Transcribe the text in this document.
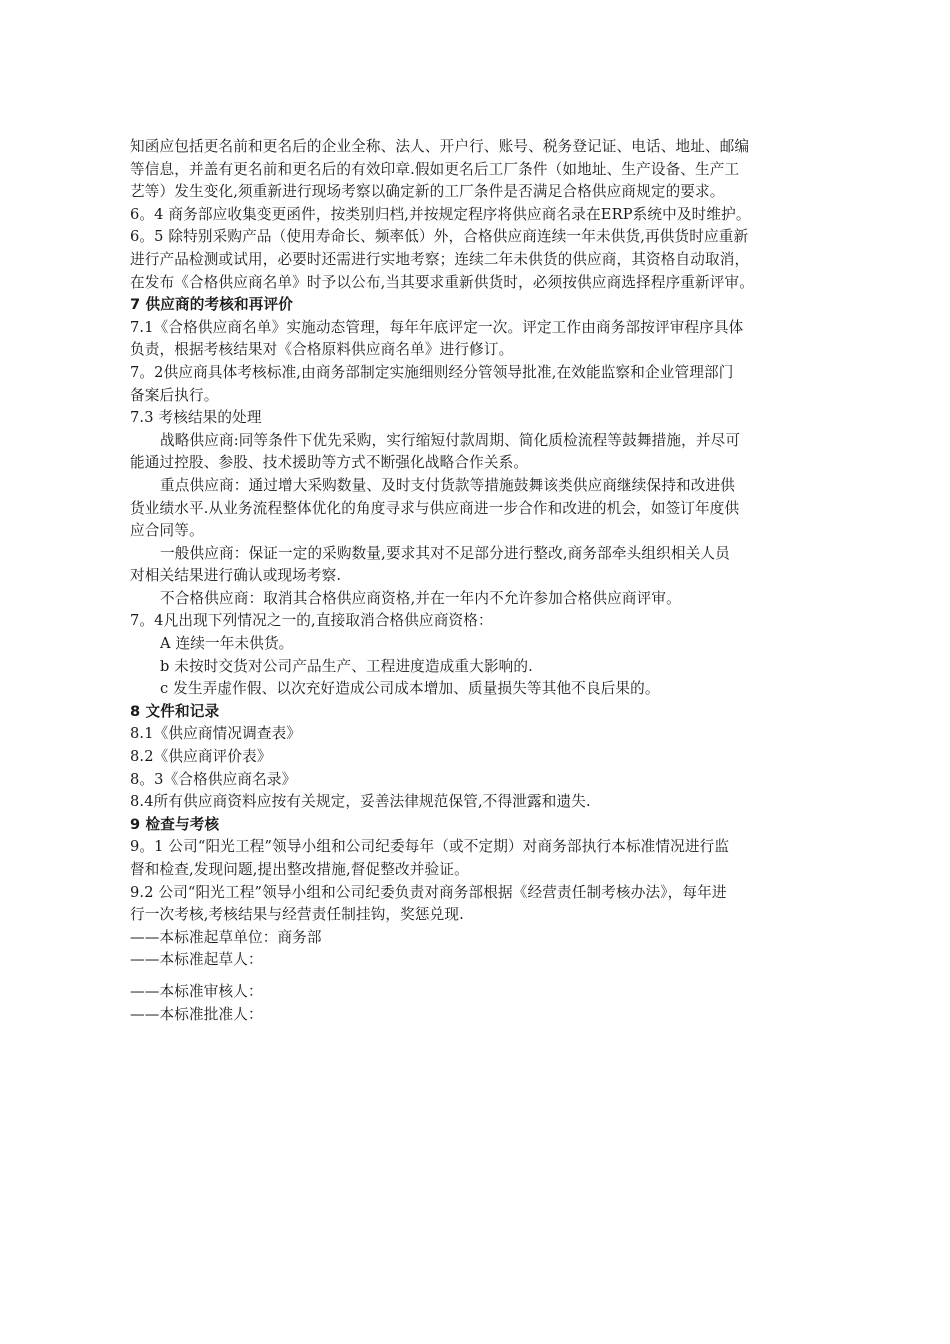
知函应包括更名前和更名后的企业全称、法人、开户行、账号、税务登记证、电话、地址、邮编
等信息，并盖有更名前和更名后的有效印章.假如更名后工厂条件（如地址、生产设备、生产工
艺等）发生变化,须重新进行现场考察以确定新的工厂条件是否满足合格供应商规定的要求。
6。4 商务部应收集变更函件，按类别归档,并按规定程序将供应商名录在ERP系统中及时维护。
6。5 除特别采购产品（使用寿命长、频率低）外，合格供应商连续一年未供货,再供货时应重新
进行产品检测或试用，必要时还需进行实地考察；连续二年未供货的供应商，其资格自动取消，
在发布《合格供应商名单》时予以公布,当其要求重新供货时，必须按供应商选择程序重新评审。
7 供应商的考核和再评价
7.1《合格供应商名单》实施动态管理，每年年底评定一次。评定工作由商务部按评审程序具体
负责，根据考核结果对《合格原料供应商名单》进行修订。
7。2供应商具体考核标准,由商务部制定实施细则经分管领导批准,在效能监察和企业管理部门
备案后执行。
7.3 考核结果的处理
战略供应商:同等条件下优先采购，实行缩短付款周期、简化质检流程等鼓舞措施，并尽可
能通过控股、参股、技术援助等方式不断强化战略合作关系。
重点供应商：通过增大采购数量、及时支付货款等措施鼓舞该类供应商继续保持和改进供
货业绩水平.从业务流程整体优化的角度寻求与供应商进一步合作和改进的机会，如签订年度供
应合同等。
一般供应商：保证一定的采购数量,要求其对不足部分进行整改,商务部牵头组织相关人员
对相关结果进行确认或现场考察.
不合格供应商：取消其合格供应商资格,并在一年内不允许参加合格供应商评审。
7。4凡出现下列情况之一的,直接取消合格供应商资格：
A 连续一年未供货。
b 未按时交货对公司产品生产、工程进度造成重大影响的.
c 发生弄虚作假、以次充好造成公司成本增加、质量损失等其他不良后果的。
8 文件和记录
8.1《供应商情况调查表》
8.2《供应商评价表》
8。3《合格供应商名录》
8.4所有供应商资料应按有关规定，妥善法律规范保管,不得泄露和遗失.
9 检查与考核
9。1 公司“阳光工程”领导小组和公司纪委每年（或不定期）对商务部执行本标准情况进行监
督和检查,发现问题,提出整改措施,督促整改并验证。
9.2 公司“阳光工程”领导小组和公司纪委负责对商务部根据《经营责任制考核办法》，每年进
行一次考核,考核结果与经营责任制挂钩，奖惩兑现.
——本标准起草单位：商务部
——本标准起草人：
——本标准审核人：
——本标准批准人：
